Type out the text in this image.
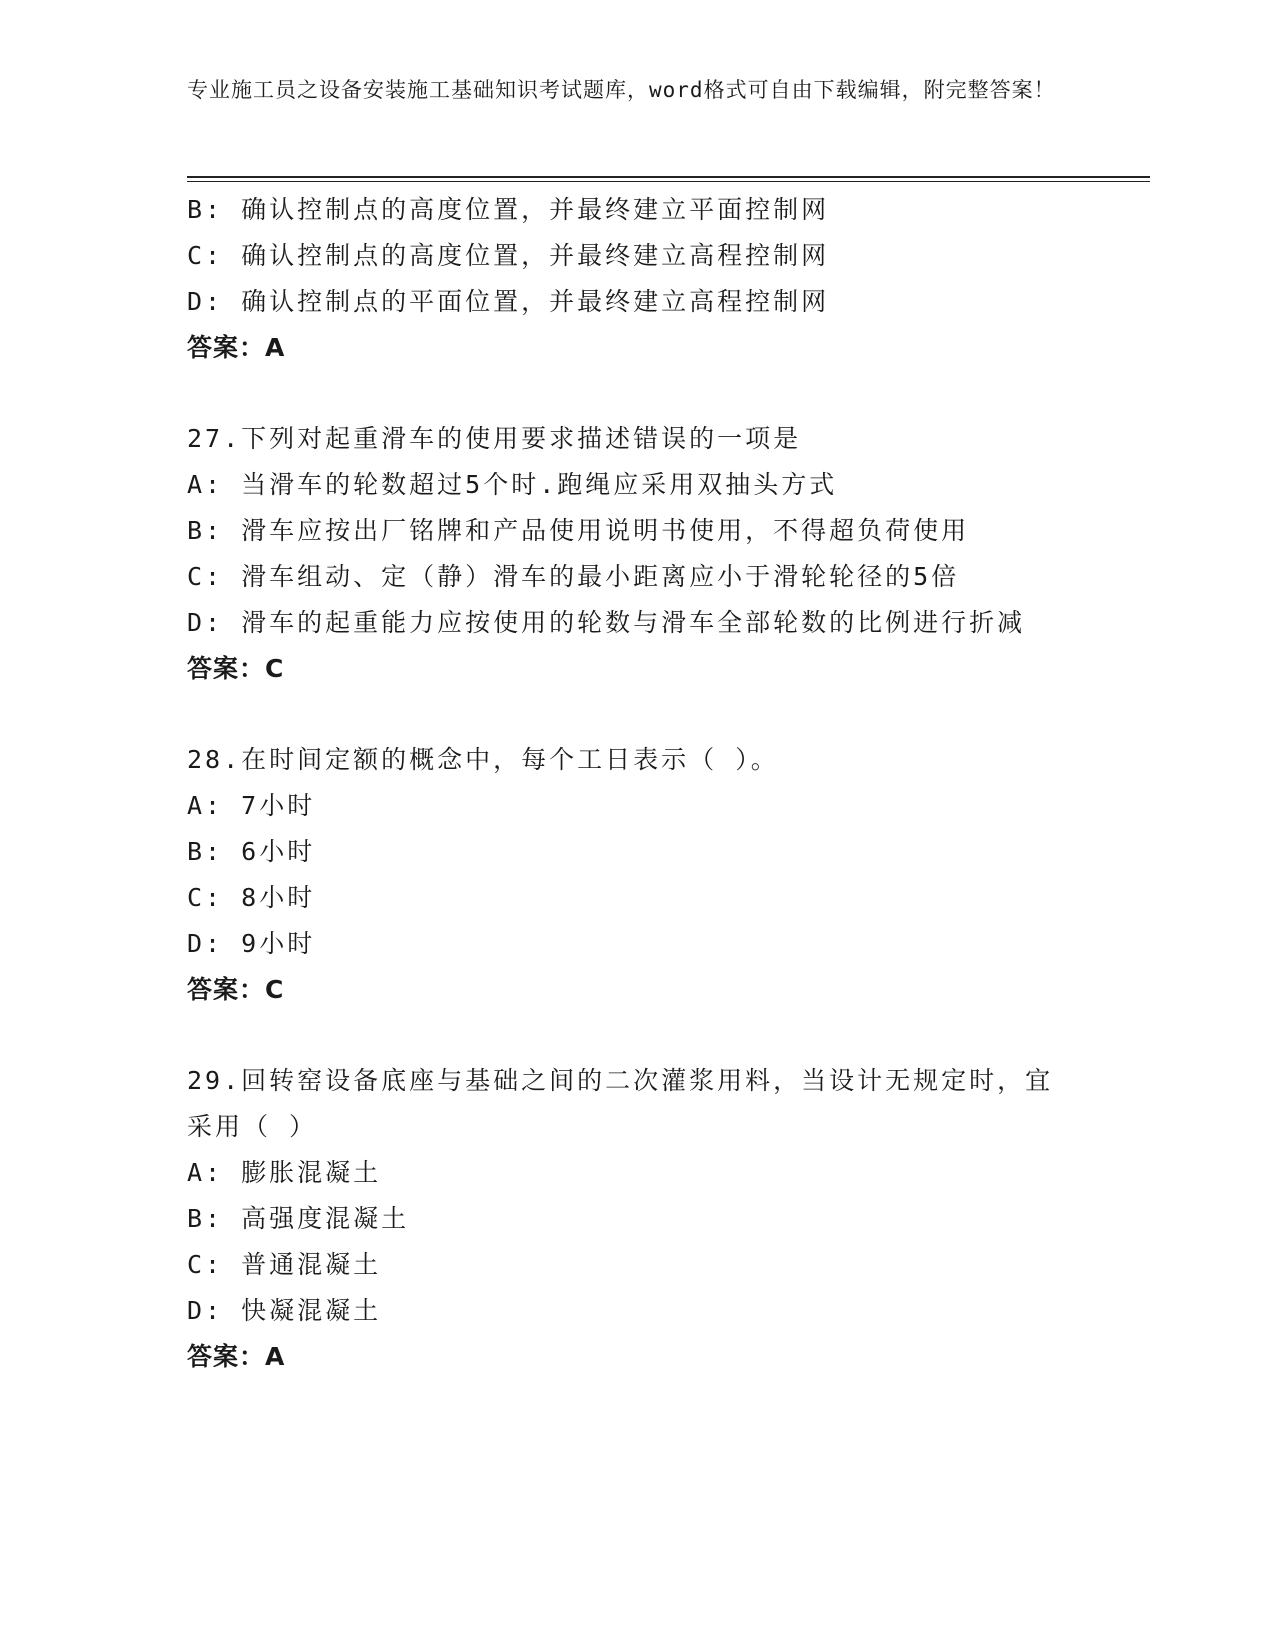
专业施工员之设备安装施工基础知识考试题库，word格式可自由下载编辑，附完整答案！
B: 确认控制点的高度位置，并最终建立平面控制网
C: 确认控制点的高度位置，并最终建立高程控制网
D: 确认控制点的平面位置，并最终建立高程控制网
答案：A
27.下列对起重滑车的使用要求描述错误的一项是
A: 当滑车的轮数超过5个时.跑绳应采用双抽头方式
B: 滑车应按出厂铭牌和产品使用说明书使用，不得超负荷使用
C: 滑车组动、定（静）滑车的最小距离应小于滑轮轮径的5倍
D: 滑车的起重能力应按使用的轮数与滑车全部轮数的比例进行折减
答案：C
28.在时间定额的概念中，每个工日表示（ ）。
A: 7小时
B: 6小时
C: 8小时
D: 9小时
答案：C
29.回转窑设备底座与基础之间的二次灌浆用料，当设计无规定时，宜采用（ ）
A: 膨胀混凝土
B: 高强度混凝土
C: 普通混凝土
D: 快凝混凝土
答案：A
